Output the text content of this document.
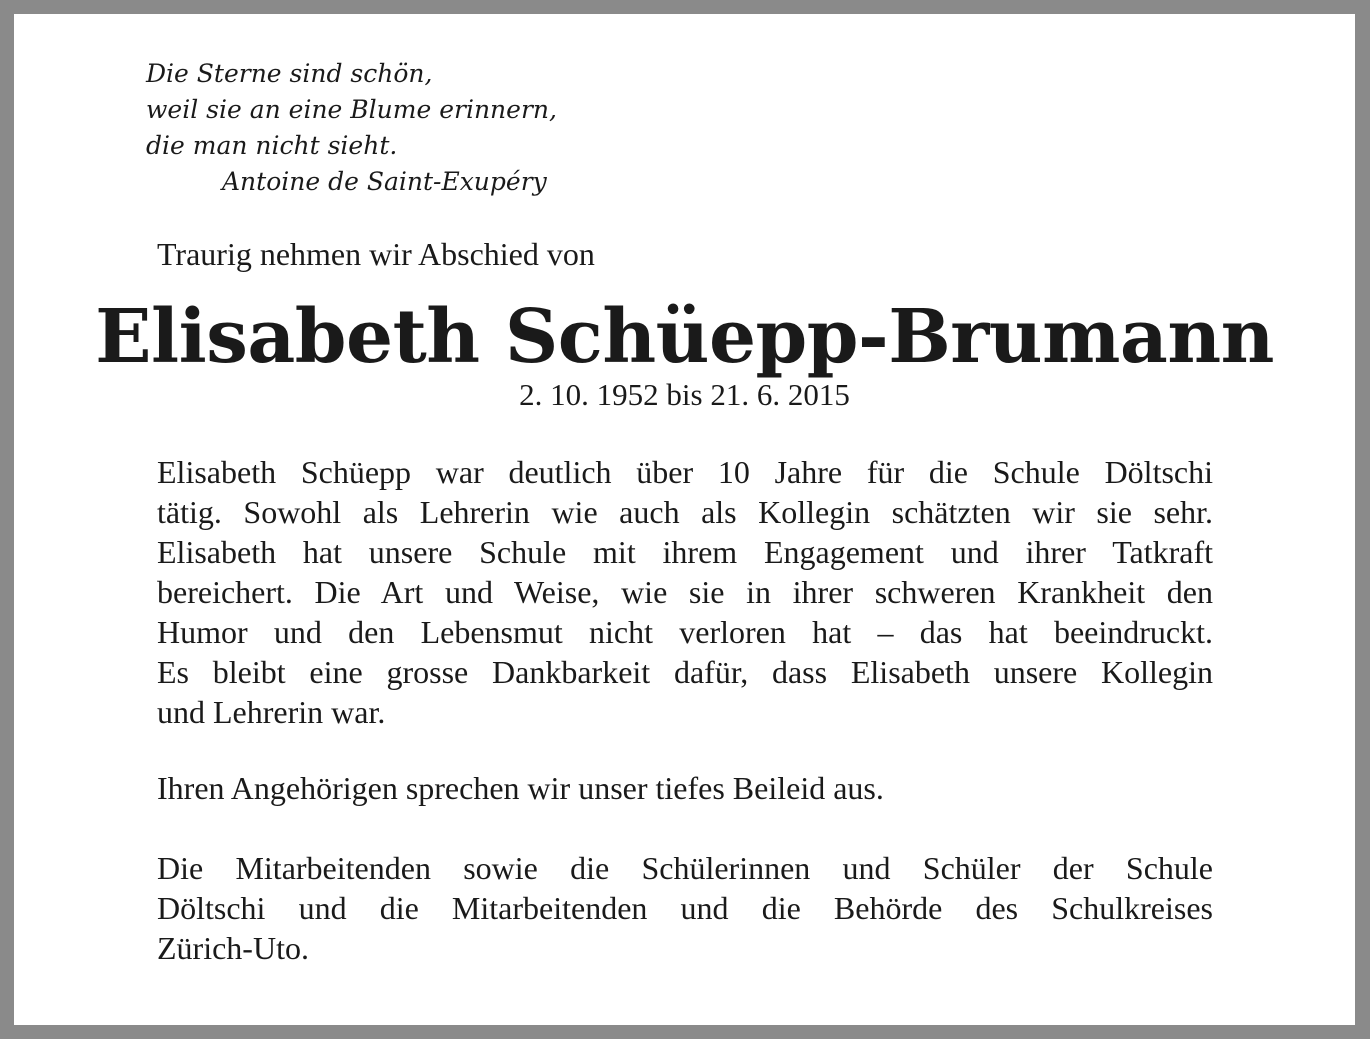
Die Sterne sind schön,
weil sie an eine Blume erinnern,
die man nicht sieht.
Antoine de Saint-Exupéry
Traurig nehmen wir Abschied von
Elisabeth Schüepp-Brumann
2. 10. 1952 bis 21. 6. 2015
Elisabeth Schüepp war deutlich über 10 Jahre für die Schule Döltschi
tätig. Sowohl als Lehrerin wie auch als Kollegin schätzten wir sie sehr.
Elisabeth hat unsere Schule mit ihrem Engagement und ihrer Tatkraft
bereichert. Die Art und Weise, wie sie in ihrer schweren Krankheit den
Humor und den Lebensmut nicht verloren hat – das hat beeindruckt.
Es bleibt eine grosse Dankbarkeit dafür, dass Elisabeth unsere Kollegin
und Lehrerin war.
Ihren Angehörigen sprechen wir unser tiefes Beileid aus.
Die Mitarbeitenden sowie die Schülerinnen und Schüler der Schule
Döltschi und die Mitarbeitenden und die Behörde des Schulkreises
Zürich-Uto.
